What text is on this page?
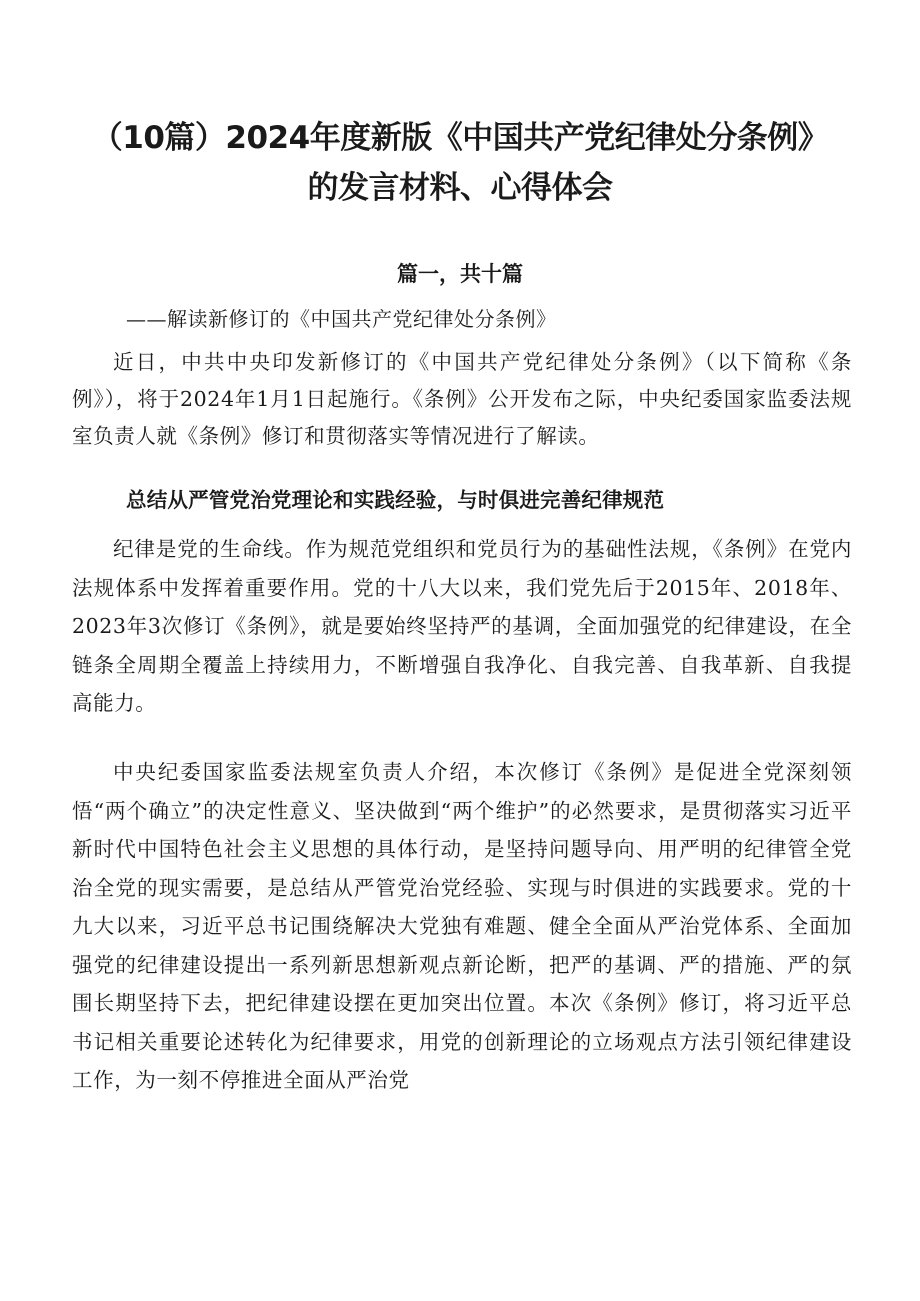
（10篇）2024年度新版《中国共产党纪律处分条例》
的发言材料、心得体会
篇一，共十篇
——解读新修订的《中国共产党纪律处分条例》

近日，中共中央印发新修订的《中国共产党纪律处分条例》（以下简称《条例》），将于2024年1月1日起施行。《条例》公开发布之际，中央纪委国家监委法规室负责人就《条例》修订和贯彻落实等情况进行了解读。

总结从严管党治党理论和实践经验，与时俱进完善纪律规范

纪律是党的生命线。作为规范党组织和党员行为的基础性法规，《条例》在党内法规体系中发挥着重要作用。党的十八大以来，我们党先后于2015年、2018年、2023年3次修订《条例》，就是要始终坚持严的基调，全面加强党的纪律建设，在全链条全周期全覆盖上持续用力，不断增强自我净化、自我完善、自我革新、自我提高能力。

中央纪委国家监委法规室负责人介绍，本次修订《条例》是促进全党深刻领悟“两个确立”的决定性意义、坚决做到“两个维护”的必然要求，是贯彻落实习近平新时代中国特色社会主义思想的具体行动，是坚持问题导向、用严明的纪律管全党治全党的现实需要，是总结从严管党治党经验、实现与时俱进的实践要求。党的十九大以来，习近平总书记围绕解决大党独有难题、健全全面从严治党体系、全面加强党的纪律建设提出一系列新思想新观点新论断，把严的基调、严的措施、严的氛围长期坚持下去，把纪律建设摆在更加突出位置。本次《条例》修订，将习近平总书记相关重要论述转化为纪律要求，用党的创新理论的立场观点方法引领纪律建设工作，为一刻不停推进全面从严治党
